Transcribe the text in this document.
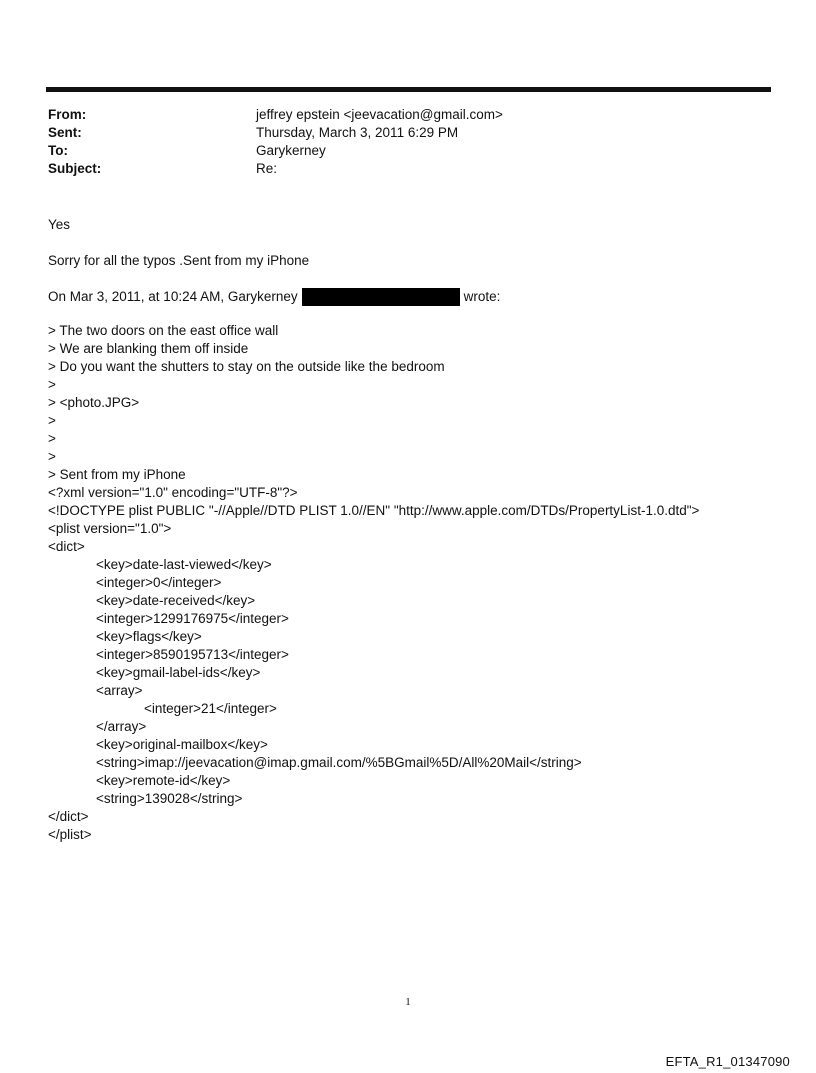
From:	jeffrey epstein <jeevacation@gmail.com>
Sent:	Thursday, March 3, 2011 6:29 PM
To:	Garykerney
Subject:	Re:
Yes
Sorry for all the typos .Sent from my iPhone
On Mar 3, 2011, at 10:24 AM, Garykerney	wrote:
> The two doors on the east office wall
> We are blanking them off inside
> Do you want the shutters to stay on the outside like the bedroom
>
> <photo.JPG>
>
>
>
> Sent from my iPhone
<?xml version="1.0" encoding="UTF-8"?>
<!DOCTYPE plist PUBLIC "-//Apple//DTD PLIST 1.0//EN" "http://www.apple.com/DTDs/PropertyList-1.0.dtd">
<plist version="1.0">
<dict>
<key>date-last-viewed</key>
<integer>0</integer>
<key>date-received</key>
<integer>1299176975</integer>
<key>flags</key>
<integer>8590195713</integer>
<key>gmail-label-ids</key>
<array>
<integer>21</integer>
</array>
<key>original-mailbox</key>
<string>imap://jeevacation@imap.gmail.com/%5BGmail%5D/All%20Mail</string>
<key>remote-id</key>
<string>139028</string>
</dict>
</plist>
1
EFTA_R1_01347090
